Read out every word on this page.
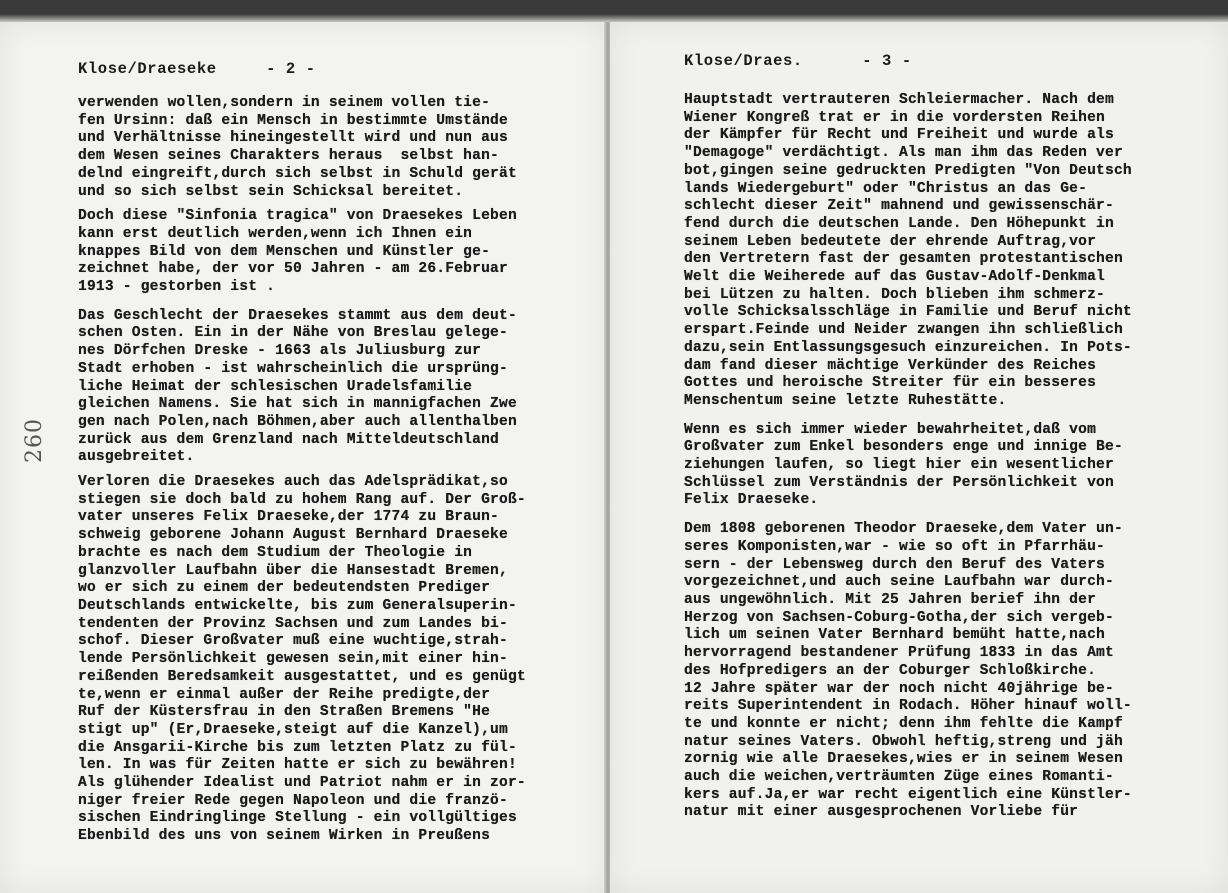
Klose/Draeseke     - 2 -
260
verwenden wollen,sondern in seinem vollen tie-
fen Ursinn: daß ein Mensch in bestimmte Umstände
und Verhältnisse hineingestellt wird und nun aus
dem Wesen seines Charakters heraus  selbst han-
delnd eingreift,durch sich selbst in Schuld gerät
und so sich selbst sein Schicksal bereitet.
Doch diese "Sinfonia tragica" von Draesekes Leben
kann erst deutlich werden,wenn ich Ihnen ein
knappes Bild von dem Menschen und Künstler ge-
zeichnet habe, der vor 50 Jahren - am 26.Februar
1913 - gestorben ist .
Das Geschlecht der Draesekes stammt aus dem deut-
schen Osten. Ein in der Nähe von Breslau gelege-
nes Dörfchen Dreske - 1663 als Juliusburg zur
Stadt erhoben - ist wahrscheinlich die ursprüng-
liche Heimat der schlesischen Uradelsfamilie
gleichen Namens. Sie hat sich in mannigfachen Zwe
gen nach Polen,nach Böhmen,aber auch allenthalben
zurück aus dem Grenzland nach Mitteldeutschland
ausgebreitet.
Verloren die Draesekes auch das Adelsprädikat,so
stiegen sie doch bald zu hohem Rang auf. Der Groß-
vater unseres Felix Draeseke,der 1774 zu Braun-
schweig geborene Johann August Bernhard Draeseke
brachte es nach dem Studium der Theologie in
glanzvoller Laufbahn über die Hansestadt Bremen,
wo er sich zu einem der bedeutendsten Prediger
Deutschlands entwickelte, bis zum Generalsuperin-
tendenten der Provinz Sachsen und zum Landes bi-
schof. Dieser Großvater muß eine wuchtige,strah-
lende Persönlichkeit gewesen sein,mit einer hin-
reißenden Beredsamkeit ausgestattet, und es genügt
te,wenn er einmal außer der Reihe predigte,der
Ruf der Küstersfrau in den Straßen Bremens "He
stigt up" (Er,Draeseke,steigt auf die Kanzel),um
die Ansgarii-Kirche bis zum letzten Platz zu fül-
len. In was für Zeiten hatte er sich zu bewähren!
Als glühender Idealist und Patriot nahm er in zor-
niger freier Rede gegen Napoleon und die franzö-
sischen Eindringlinge Stellung - ein vollgültiges
Ebenbild des uns von seinem Wirken in Preußens
Klose/Draes.      - 3 -
Hauptstadt vertrauteren Schleiermacher. Nach dem
Wiener Kongreß trat er in die vordersten Reihen
der Kämpfer für Recht und Freiheit und wurde als
"Demagoge" verdächtigt. Als man ihm das Reden ver
bot,gingen seine gedruckten Predigten "Von Deutsch
lands Wiedergeburt" oder "Christus an das Ge-
schlecht dieser Zeit" mahnend und gewissenschär-
fend durch die deutschen Lande. Den Höhepunkt in
seinem Leben bedeutete der ehrende Auftrag,vor
den Vertretern fast der gesamten protestantischen
Welt die Weiherede auf das Gustav-Adolf-Denkmal
bei Lützen zu halten. Doch blieben ihm schmerz-
volle Schicksalsschläge in Familie und Beruf nicht
erspart.Feinde und Neider zwangen ihn schließlich
dazu,sein Entlassungsgesuch einzureichen. In Pots-
dam fand dieser mächtige Verkünder des Reiches
Gottes und heroische Streiter für ein besseres
Menschentum seine letzte Ruhestätte.
Wenn es sich immer wieder bewahrheitet,daß vom
Großvater zum Enkel besonders enge und innige Be-
ziehungen laufen, so liegt hier ein wesentlicher
Schlüssel zum Verständnis der Persönlichkeit von
Felix Draeseke.
Dem 1808 geborenen Theodor Draeseke,dem Vater un-
seres Komponisten,war - wie so oft in Pfarrhäu-
sern - der Lebensweg durch den Beruf des Vaters
vorgezeichnet,und auch seine Laufbahn war durch-
aus ungewöhnlich. Mit 25 Jahren berief ihn der
Herzog von Sachsen-Coburg-Gotha,der sich vergeb-
lich um seinen Vater Bernhard bemüht hatte,nach
hervorragend bestandener Prüfung 1833 in das Amt
des Hofpredigers an der Coburger Schloßkirche.
12 Jahre später war der noch nicht 40jährige be-
reits Superintendent in Rodach. Höher hinauf woll-
te und konnte er nicht; denn ihm fehlte die Kampf
natur seines Vaters. Obwohl heftig,streng und jäh
zornig wie alle Draesekes,wies er in seinem Wesen
auch die weichen,verträumten Züge eines Romanti-
kers auf.Ja,er war recht eigentlich eine Künstler-
natur mit einer ausgesprochenen Vorliebe für
